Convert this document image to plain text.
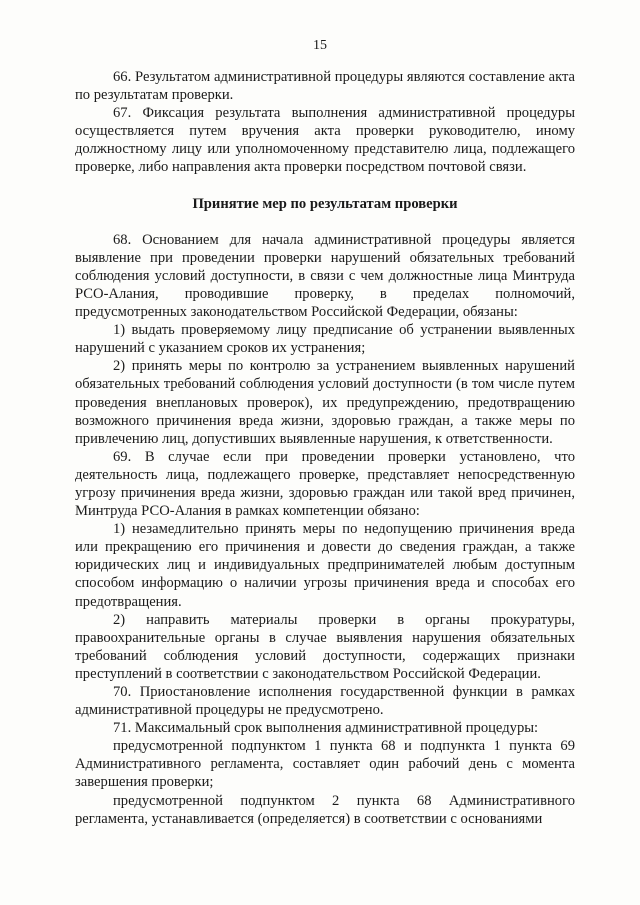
15

66. Результатом административной процедуры являются составление акта по результатам проверки.

67. Фиксация результата выполнения административной процедуры осуществляется путем вручения акта проверки руководителю, иному должностному лицу или уполномоченному представителю лица, подлежащего проверке, либо направления акта проверки посредством почтовой связи.

Принятие мер по результатам проверки

68. Основанием для начала административной процедуры является выявление при проведении проверки нарушений обязательных требований соблюдения условий доступности, в связи с чем должностные лица Минтруда РСО-Алания, проводившие проверку, в пределах полномочий, предусмотренных законодательством Российской Федерации, обязаны:

1) выдать проверяемому лицу предписание об устранении выявленных нарушений с указанием сроков их устранения;

2) принять меры по контролю за устранением выявленных нарушений обязательных требований соблюдения условий доступности (в том числе путем проведения внеплановых проверок), их предупреждению, предотвращению возможного причинения вреда жизни, здоровью граждан, а также меры по привлечению лиц, допустивших выявленные нарушения, к ответственности.

69. В случае если при проведении проверки установлено, что деятельность лица, подлежащего проверке, представляет непосредственную угрозу причинения вреда жизни, здоровью граждан или такой вред причинен, Минтруда РСО-Алания в рамках компетенции обязано:

1) незамедлительно принять меры по недопущению причинения вреда или прекращению его причинения и довести до сведения граждан, а также юридических лиц и индивидуальных предпринимателей любым доступным способом информацию о наличии угрозы причинения вреда и способах его предотвращения.

2) направить материалы проверки в органы прокуратуры, правоохранительные органы в случае выявления нарушения обязательных требований соблюдения условий доступности, содержащих признаки преступлений в соответствии с законодательством Российской Федерации.

70. Приостановление исполнения государственной функции в рамках административной процедуры не предусмотрено.

71. Максимальный срок выполнения административной процедуры:

предусмотренной подпунктом 1 пункта 68 и подпункта 1 пункта 69 Административного регламента, составляет один рабочий день с момента завершения проверки;

предусмотренной подпунктом 2 пункта 68 Административного регламента, устанавливается (определяется) в соответствии с основаниями
